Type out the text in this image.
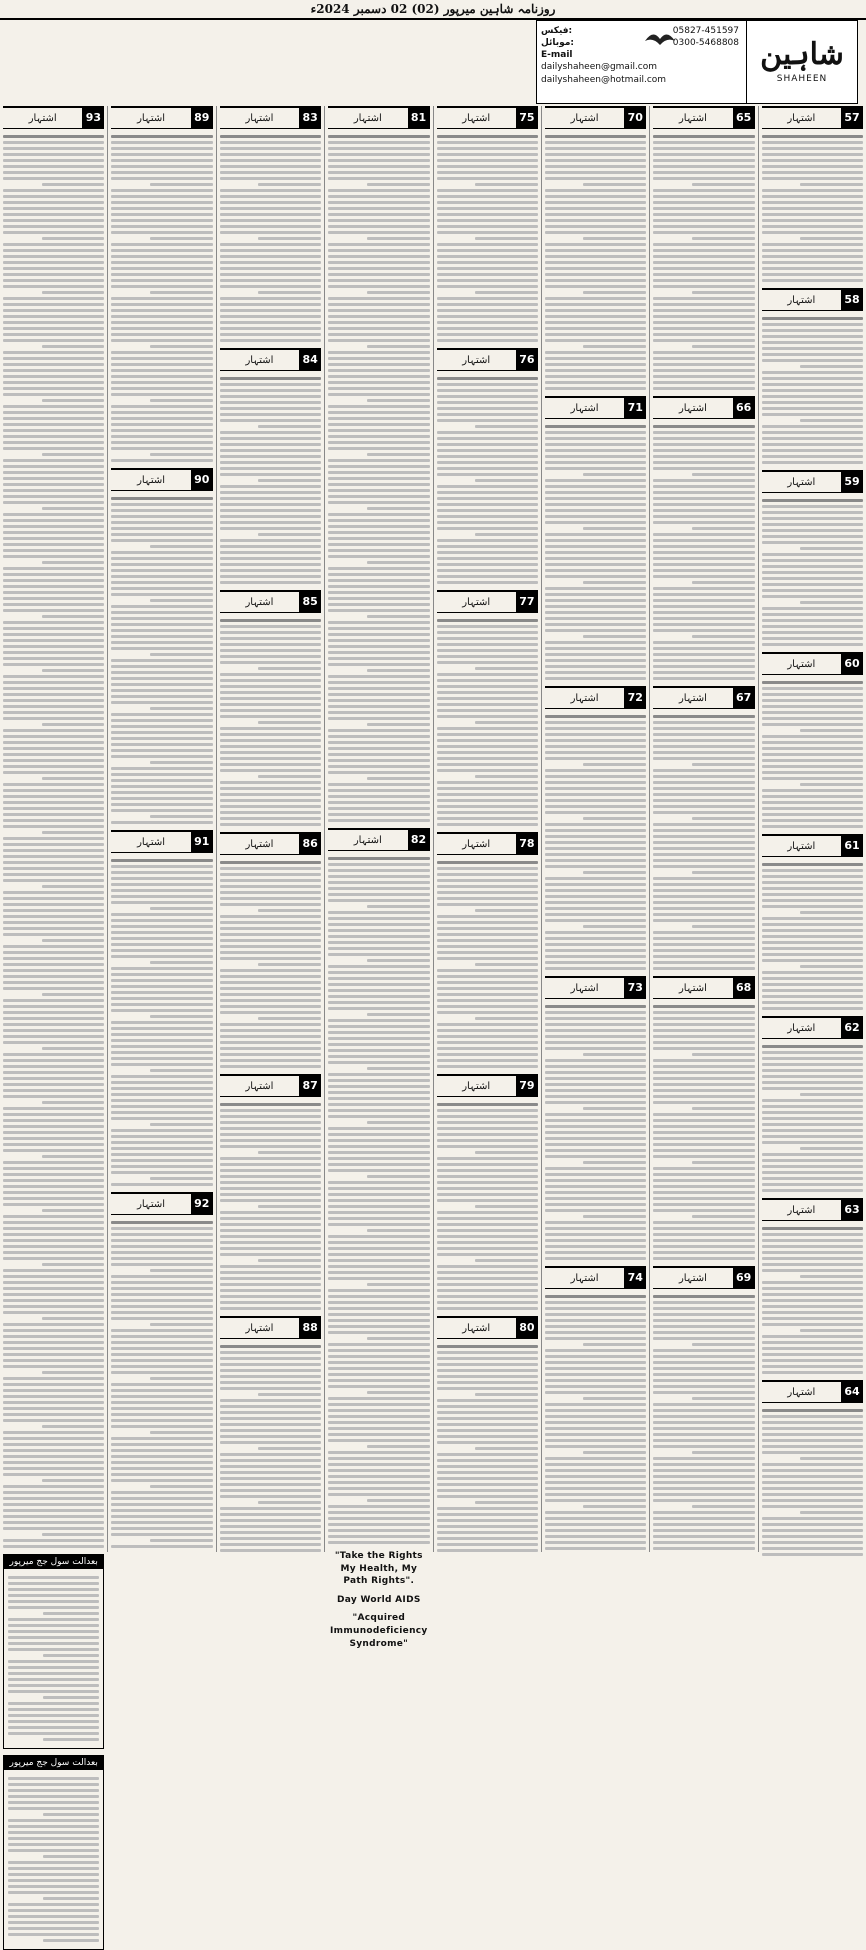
روزنامہ شاہین میرپور (02) 02 دسمبر 2024ء
شاہین
SHAHEEN
فیکس:	05827-451597
موبائل:	0300-5468808
E-mail
dailyshaheen@gmail.com
dailyshaheen@hotmail.com
57
اشتہار
58
اشتہار
59
اشتہار
60
اشتہار
61
اشتہار
62
اشتہار
63
اشتہار
64
اشتہار
65
اشتہار
66
اشتہار
67
اشتہار
68
اشتہار
69
اشتہار
70
اشتہار
71
اشتہار
72
اشتہار
73
اشتہار
74
اشتہار
75
اشتہار
76
اشتہار
77
اشتہار
78
اشتہار
79
اشتہار
80
اشتہار
81
اشتہار
82
اشتہار
"Take the Rights My Health, My Path Rights".
Day World AIDS
"Acquired Immunodeficiency Syndrome"
83
اشتہار
84
اشتہار
85
اشتہار
86
اشتہار
87
اشتہار
88
اشتہار
89
اشتہار
90
اشتہار
91
اشتہار
92
اشتہار
93
اشتہار
بعدالت سول جج میرپور
بعدالت سول جج میرپور
